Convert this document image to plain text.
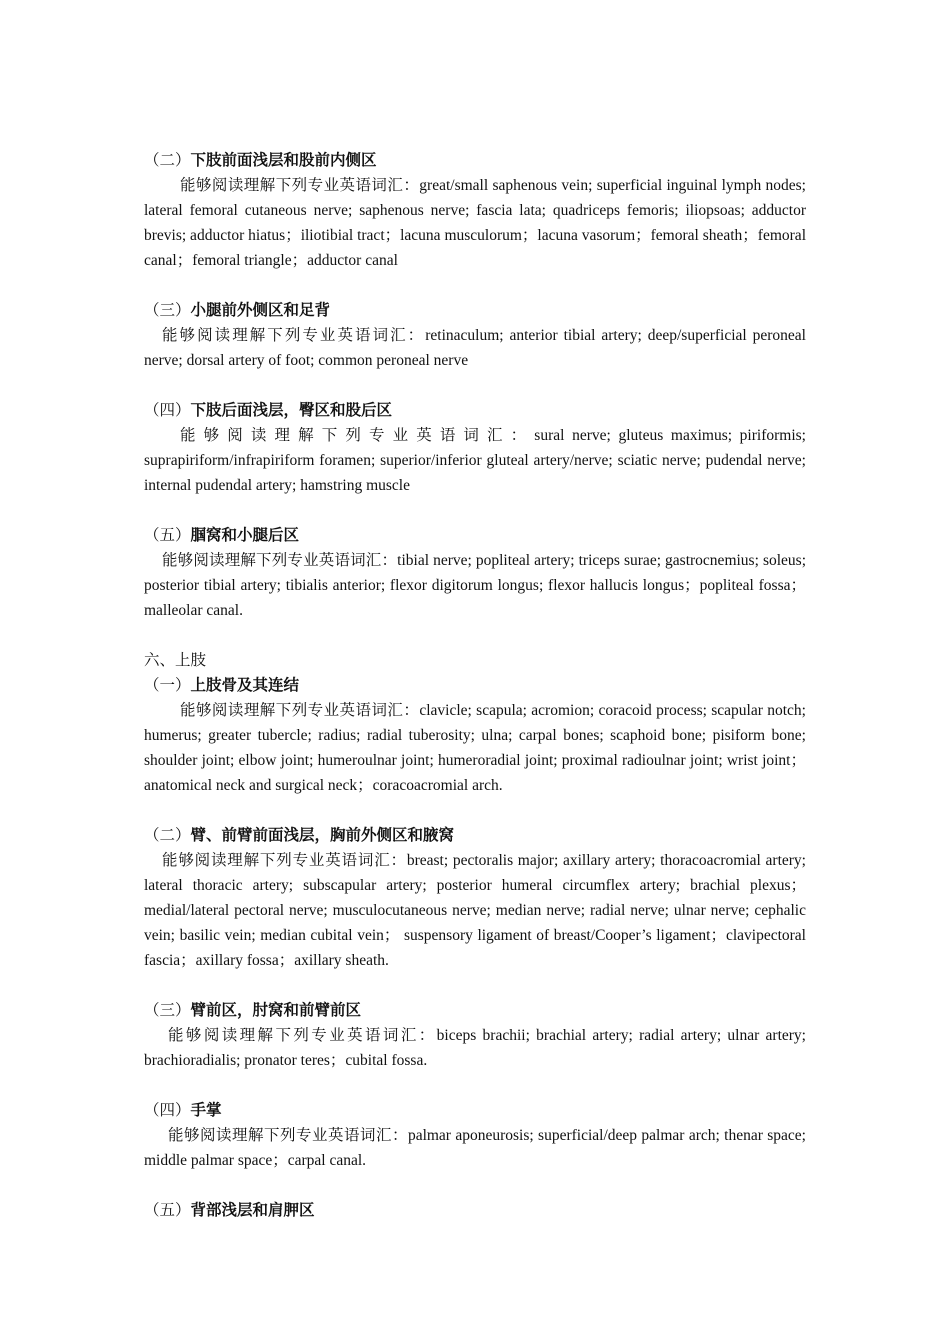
（二）下肢前面浅层和股前内侧区
能够阅读理解下列专业英语词汇：great/small saphenous vein; superficial inguinal lymph nodes; lateral femoral cutaneous nerve; saphenous nerve; fascia lata; quadriceps femoris; iliopsoas; adductor brevis; adductor hiatus；iliotibial tract；lacuna musculorum；lacuna vasorum；femoral sheath；femoral canal；femoral triangle；adductor canal
（三）小腿前外侧区和足背
能够阅读理解下列专业英语词汇：retinaculum; anterior tibial artery; deep/superficial peroneal nerve; dorsal artery of foot; common peroneal nerve
（四）下肢后面浅层，臀区和股后区
能够阅读理解下列专业英语词汇：sural nerve; gluteus maximus; piriformis; suprapiriform/infrapiriform foramen; superior/inferior gluteal artery/nerve; sciatic nerve; pudendal nerve; internal pudendal artery; hamstring muscle
（五）腘窝和小腿后区
能够阅读理解下列专业英语词汇：tibial nerve; popliteal artery; triceps surae; gastrocnemius; soleus; posterior tibial artery; tibialis anterior; flexor digitorum longus; flexor hallucis longus；popliteal fossa；malleolar canal.
六、上肢
（一）上肢骨及其连结
能够阅读理解下列专业英语词汇：clavicle; scapula; acromion; coracoid process; scapular notch; humerus; greater tubercle; radius; radial tuberosity; ulna; carpal bones; scaphoid bone; pisiform bone; shoulder joint; elbow joint; humeroulnar joint; humeroradial joint; proximal radioulnar joint; wrist joint；anatomical neck and surgical neck；coracoacromial arch.
（二）臂、前臂前面浅层，胸前外侧区和腋窝
能够阅读理解下列专业英语词汇：breast; pectoralis major; axillary artery; thoracoacromial artery; lateral thoracic artery; subscapular artery; posterior humeral circumflex artery; brachial plexus；medial/lateral pectoral nerve; musculocutaneous nerve; median nerve; radial nerve; ulnar nerve; cephalic vein; basilic vein; median cubital vein； suspensory ligament of breast/Cooper’s ligament；clavipectoral fascia；axillary fossa；axillary sheath.
（三）臂前区，肘窝和前臂前区
能够阅读理解下列专业英语词汇：biceps brachii; brachial artery; radial artery; ulnar artery; brachioradialis; pronator teres；cubital fossa.
（四）手掌
能够阅读理解下列专业英语词汇：palmar aponeurosis; superficial/deep palmar arch; thenar space; middle palmar space；carpal canal.
（五）背部浅层和肩胛区
